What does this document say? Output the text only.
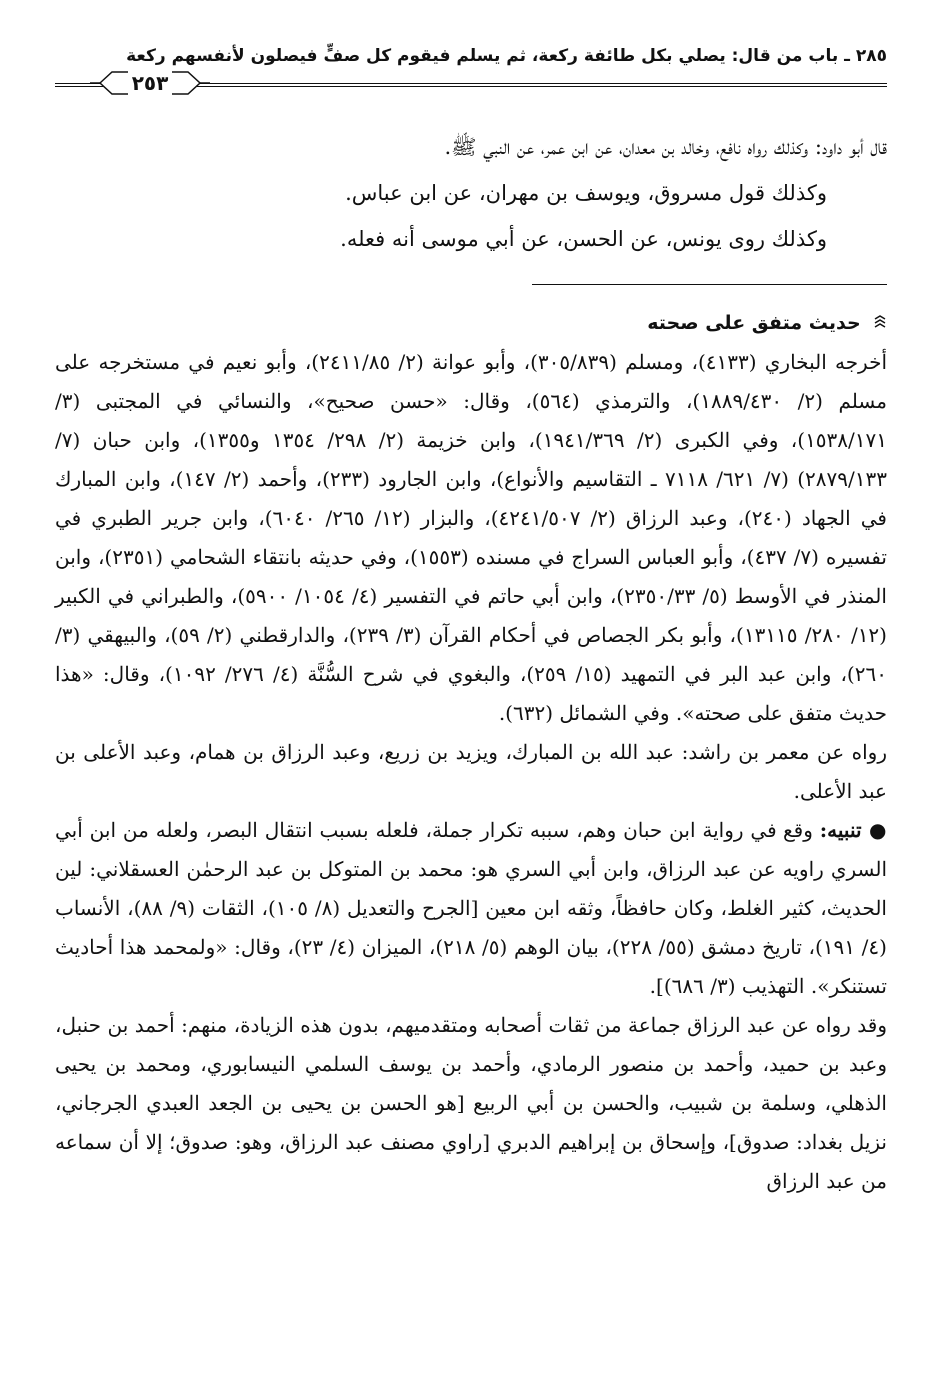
٢٨٥ ـ باب من قال: يصلي بكل طائفة ركعة، ثم يسلم فيقوم كل صفٍّ فيصلون لأنفسهم ركعة
٢٥٣

قال أبو داود: وكذلك رواه نافع، وخالد بن معدان، عن ابن عمر، عن النبي ﷺ.

وكذلك قول مسروق، ويوسف بن مهران، عن ابن عباس.

وكذلك روى يونس، عن الحسن، عن أبي موسى أنه فعله.

حديث متفق على صحته

أخرجه البخاري (٤١٣٣)، ومسلم (٣٠٥/٨٣٩)، وأبو عوانة (٢/ ٢٤١١/٨٥)، وأبو نعيم في مستخرجه على مسلم (٢/ ١٨٨٩/٤٣٠)، والترمذي (٥٦٤)، وقال: «حسن صحيح»، والنسائي في المجتبى (٣/ ١٥٣٨/١٧١)، وفي الكبرى (٢/ ١٩٤١/٣٦٩)، وابن خزيمة (٢/ ٢٩٨/ ١٣٥٤ و١٣٥٥)، وابن حبان (٧/ ٢٨٧٩/١٣٣) (٧/ ٦٢١/ ٧١١٨ ـ التقاسيم والأنواع)، وابن الجارود (٢٣٣)، وأحمد (٢/ ١٤٧)، وابن المبارك في الجهاد (٢٤٠)، وعبد الرزاق (٢/ ٤٢٤١/٥٠٧)، والبزار (١٢/ ٢٦٥/ ٦٠٤٠)، وابن جرير الطبري في تفسيره (٧/ ٤٣٧)، وأبو العباس السراج في مسنده (١٥٥٣)، وفي حديثه بانتقاء الشحامي (٢٣٥١)، وابن المنذر في الأوسط (٥/ ٢٣٥٠/٣٣)، وابن أبي حاتم في التفسير (٤/ ١٠٥٤/ ٥٩٠٠)، والطبراني في الكبير (١٢/ ٢٨٠/ ١٣١١٥)، وأبو بكر الجصاص في أحكام القرآن (٣/ ٢٣٩)، والدارقطني (٢/ ٥٩)، والبيهقي (٣/ ٢٦٠)، وابن عبد البر في التمهيد (١٥/ ٢٥٩)، والبغوي في شرح السُّنَّة (٤/ ٢٧٦/ ١٠٩٢)، وقال: «هذا حديث متفق على صحته». وفي الشمائل (٦٣٢).

رواه عن معمر بن راشد: عبد الله بن المبارك، ويزيد بن زريع، وعبد الرزاق بن همام، وعبد الأعلى بن عبد الأعلى.

● تنبيه: وقع في رواية ابن حبان وهم، سببه تكرار جملة، فلعله بسبب انتقال البصر، ولعله من ابن أبي السري راويه عن عبد الرزاق، وابن أبي السري هو: محمد بن المتوكل بن عبد الرحمٰن العسقلاني: لين الحديث، كثير الغلط، وكان حافظاً، وثقه ابن معين [الجرح والتعديل (٨/ ١٠٥)، الثقات (٩/ ٨٨)، الأنساب (٤/ ١٩١)، تاريخ دمشق (٥٥/ ٢٢٨)، بيان الوهم (٥/ ٢١٨)، الميزان (٤/ ٢٣)، وقال: «ولمحمد هذا أحاديث تستنكر». التهذيب (٣/ ٦٨٦)].

وقد رواه عن عبد الرزاق جماعة من ثقات أصحابه ومتقدميهم، بدون هذه الزيادة، منهم: أحمد بن حنبل، وعبد بن حميد، وأحمد بن منصور الرمادي، وأحمد بن يوسف السلمي النيسابوري، ومحمد بن يحيى الذهلي، وسلمة بن شبيب، والحسن بن أبي الربيع [هو الحسن بن يحيى بن الجعد العبدي الجرجاني، نزيل بغداد: صدوق]، وإسحاق بن إبراهيم الدبري [راوي مصنف عبد الرزاق، وهو: صدوق؛ إلا أن سماعه من عبد الرزاق
